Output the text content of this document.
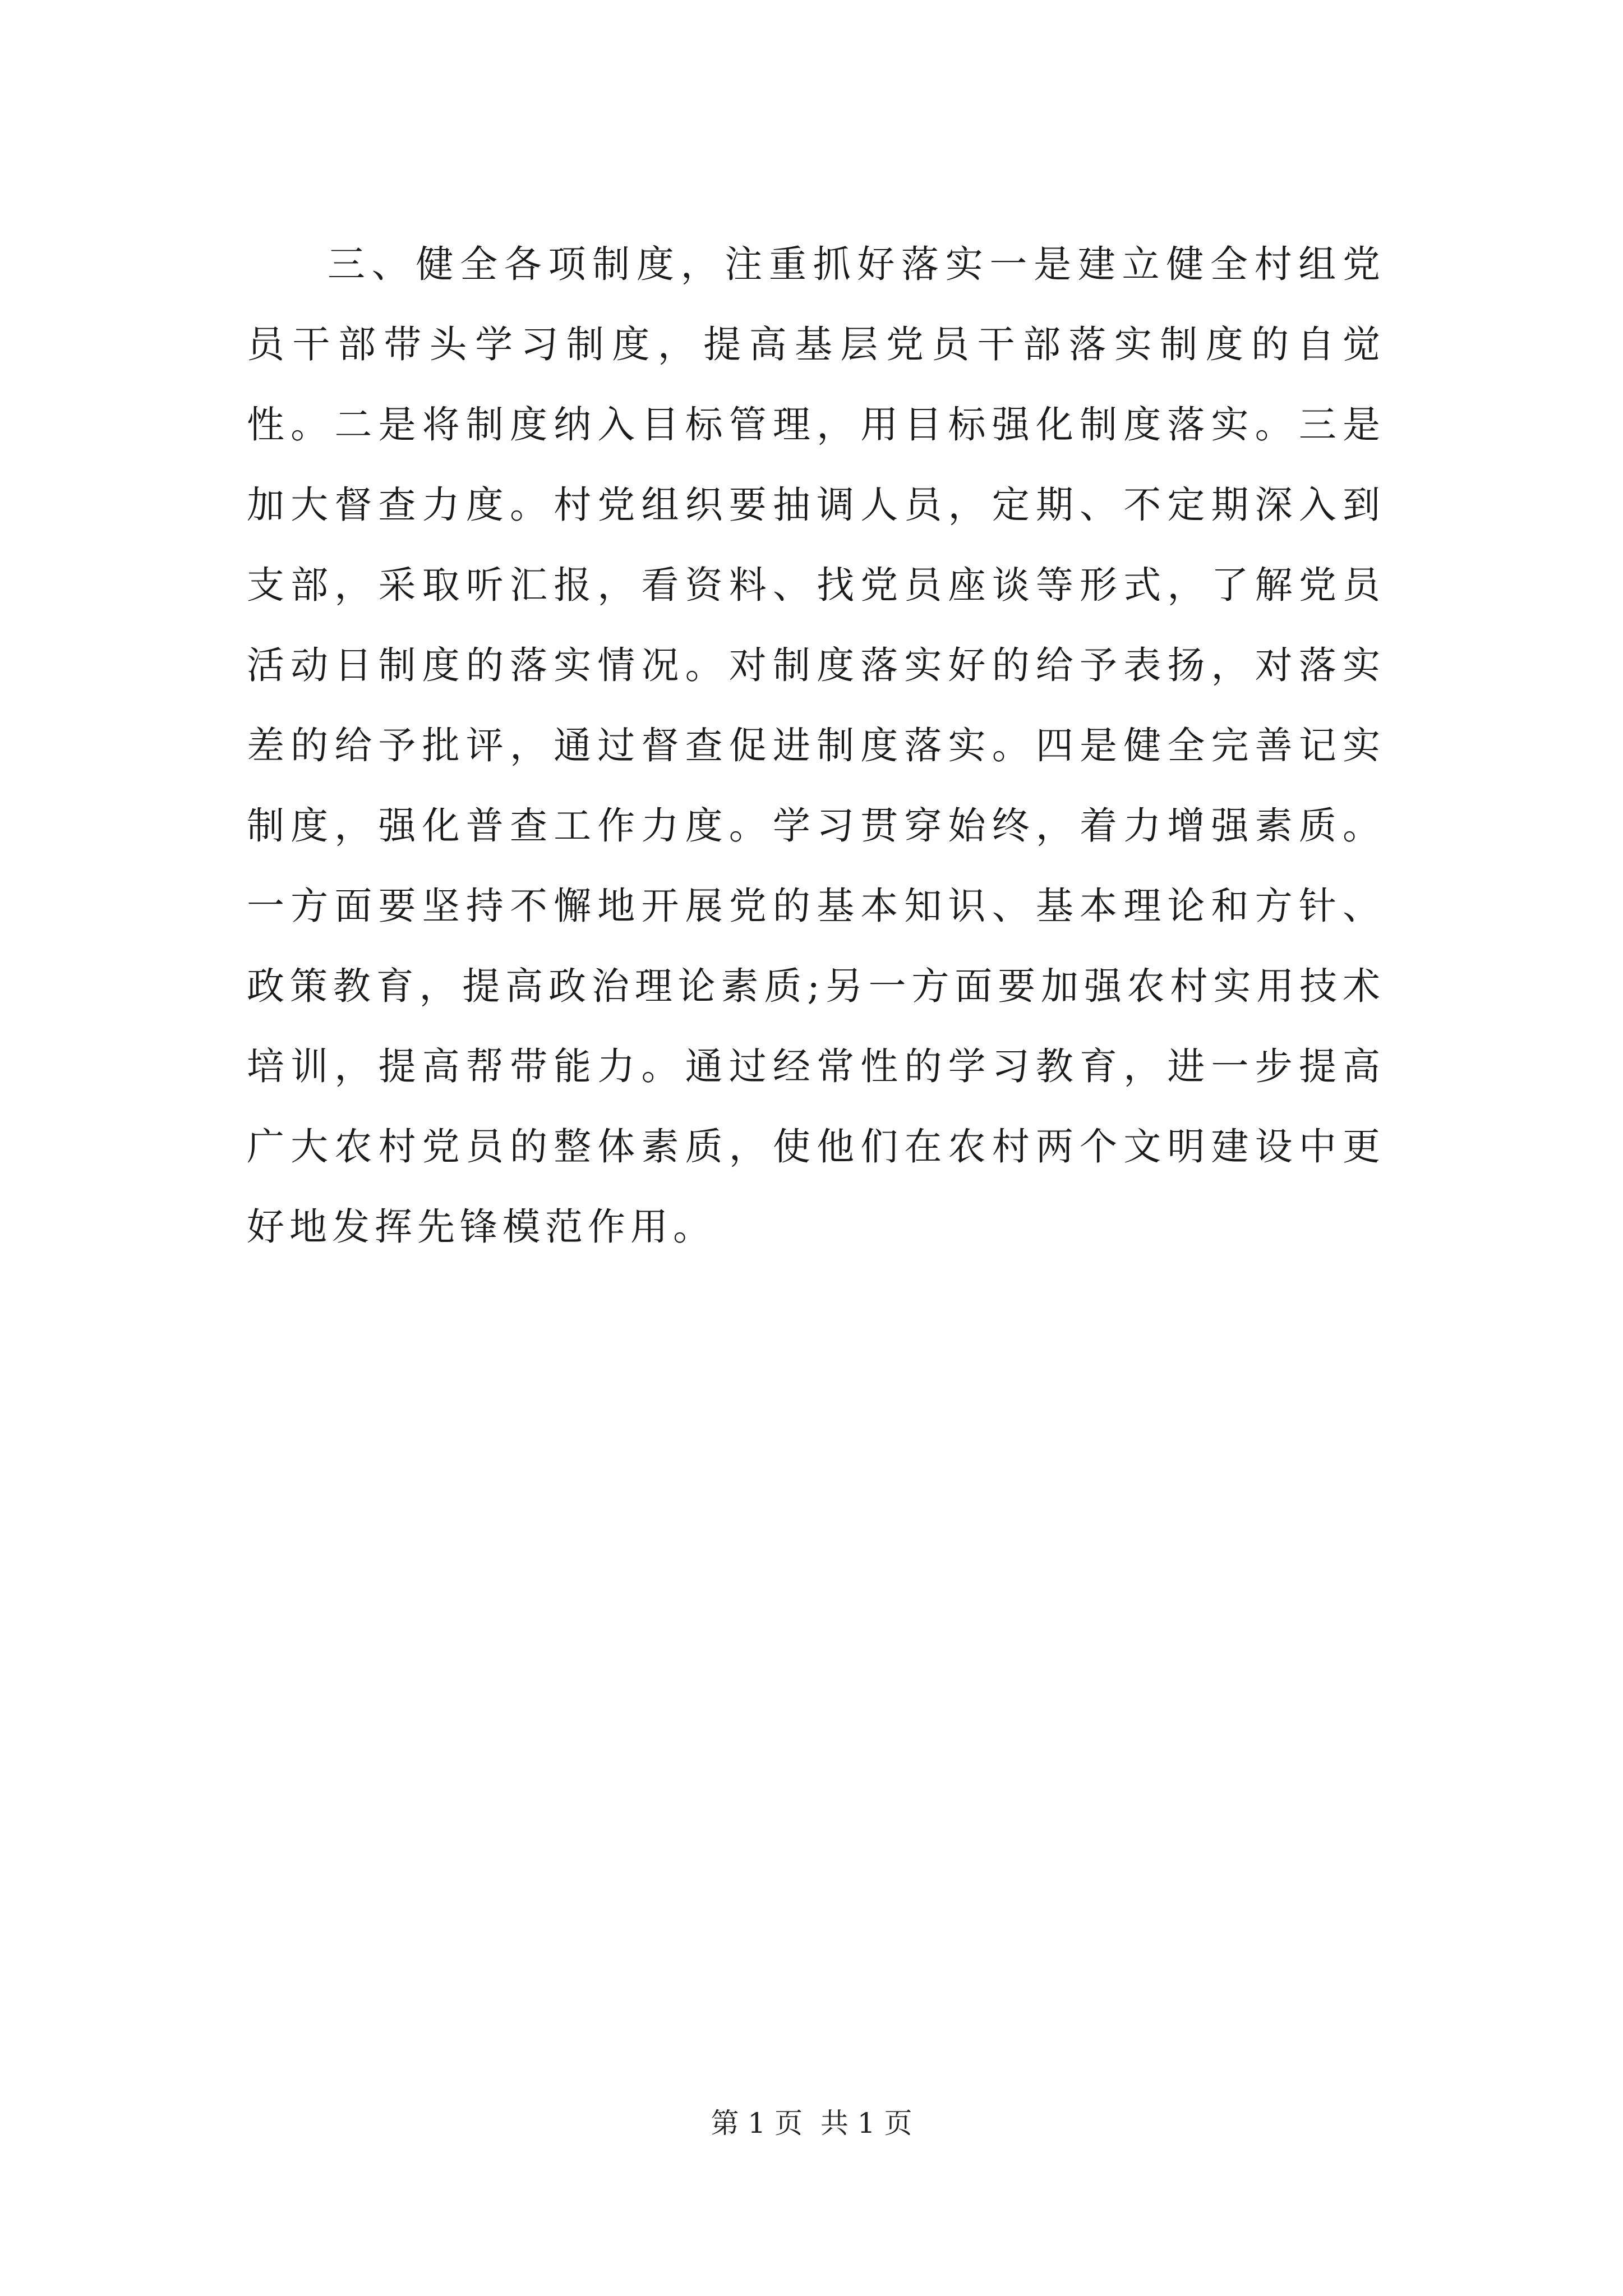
三、健全各项制度，注重抓好落实一是建立健全村组党员干部带头学习制度，提高基层党员干部落实制度的自觉性。二是将制度纳入目标管理，用目标强化制度落实。三是加大督查力度。村党组织要抽调人员，定期、不定期深入到支部，采取听汇报，看资料、找党员座谈等形式，了解党员活动日制度的落实情况。对制度落实好的给予表扬，对落实差的给予批评，通过督查促进制度落实。四是健全完善记实制度，强化普查工作力度。学习贯穿始终，着力增强素质。一方面要坚持不懈地开展党的基本知识、基本理论和方针、政策教育，提高政治理论素质;另一方面要加强农村实用技术培训，提高帮带能力。通过经常性的学习教育，进一步提高广大农村党员的整体素质，使他们在农村两个文明建设中更好地发挥先锋模范作用。

第 1 页  共 1 页
